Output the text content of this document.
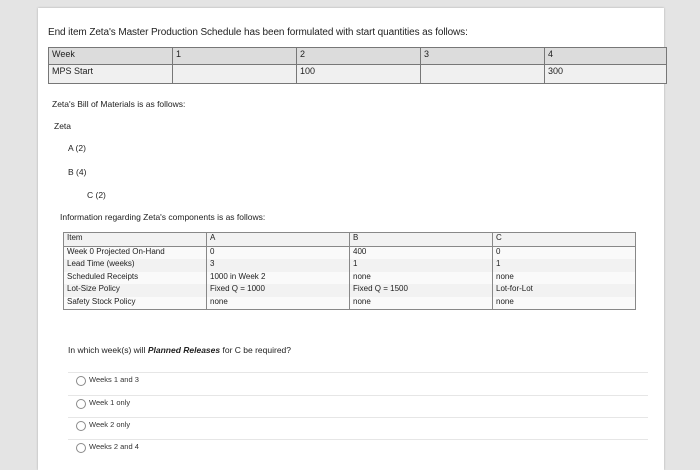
End item Zeta's Master Production Schedule has been formulated with start quantities as follows:
Week	1	2	3	4
MPS Start		100		300
Zeta's Bill of Materials is as follows:
Zeta
A (2)
B (4)
C (2)
Information regarding Zeta's components is as follows:
Item	A	B	C
Week 0 Projected On-Hand	0	400	0
Lead Time (weeks)	3	1	1
Scheduled Receipts	1000 in Week 2	none	none
Lot-Size Policy	Fixed Q = 1000	Fixed Q = 1500	Lot-for-Lot
Safety Stock Policy	none	none	none
In which week(s) will Planned Releases for C be required?
Weeks 1 and 3
Week 1 only
Week 2 only
Weeks 2 and 4
